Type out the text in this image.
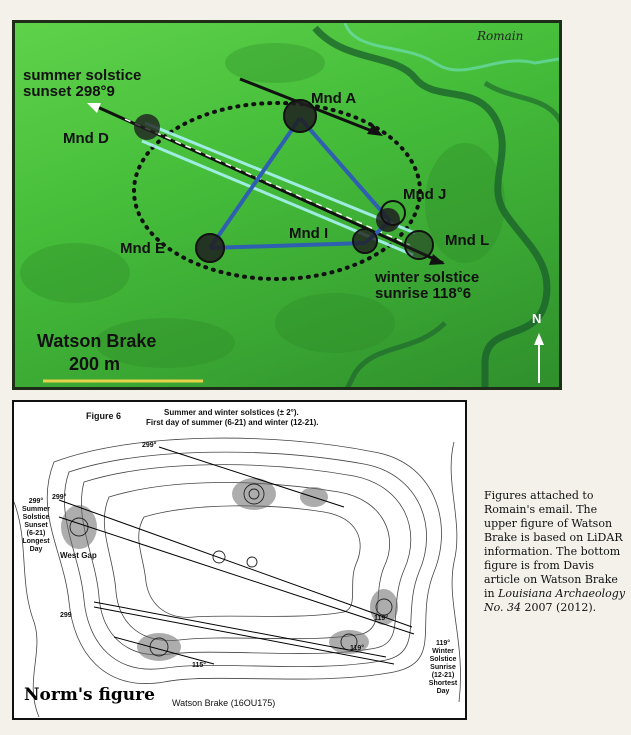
Romain
summer solstice
sunset 298°9	Mnd A
Mnd D
Mnd E
Mnd I
Mnd J
Mnd L
winter solstice
sunrise 118°6
Watson Brake
200 m
N
Figure 6	Summer and winter solstices (± 2°).
First day of summer (6-21) and winter (12-21).
299°
299°
299	119°
119°
115°
299°
Summer
Solstice
Sunset
(6-21)
Longest
Day
West Gap
119°
Winter
Solstice
Sunrise
(12-21)
Shortest
Day
Norm's figure Watson Brake (16OU175)
Figures attached to Romain's email. The upper figure of Watson Brake is based on LiDAR information. The bottom figure is from Davis article on Watson Brake in Louisiana Archaeology No. 34 2007 (2012).
